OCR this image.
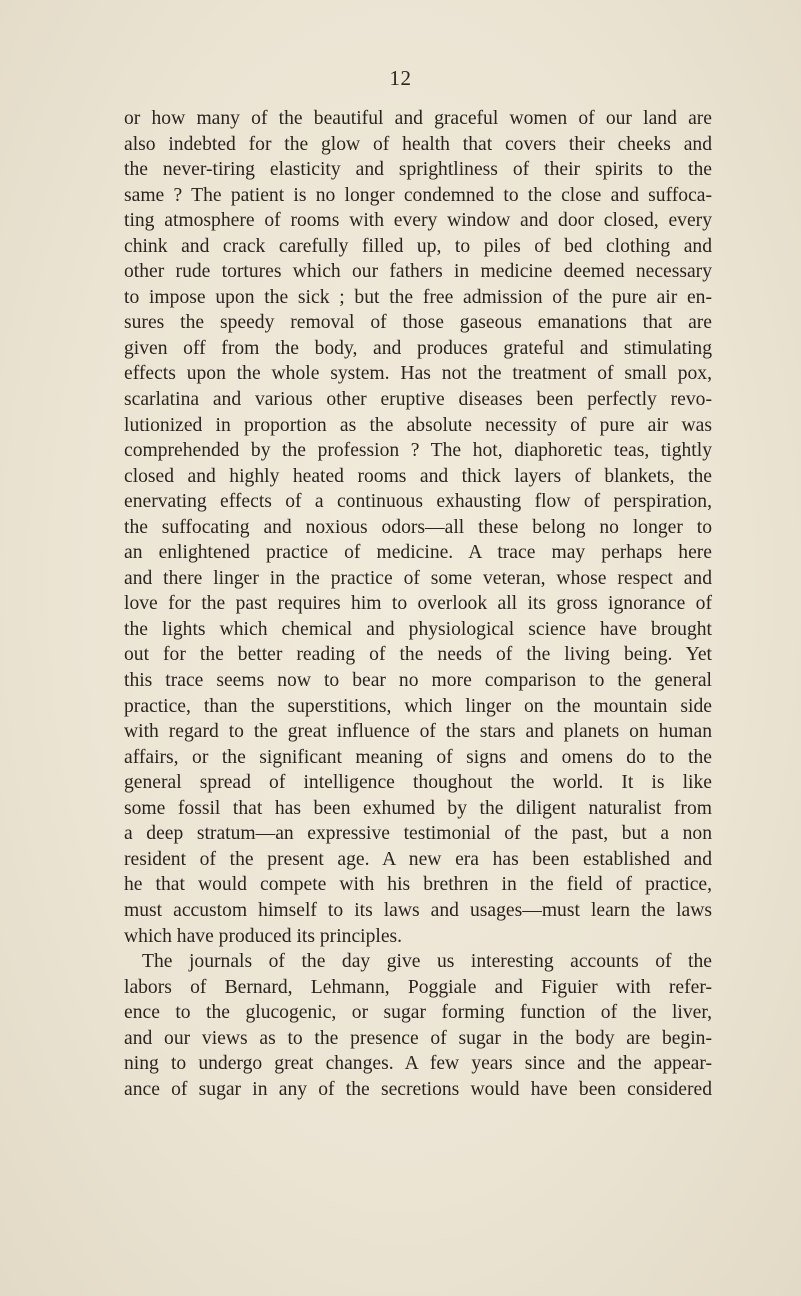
12
or how many of the beautiful and graceful women of our land are
also indebted for the glow of health that covers their cheeks and
the never-tiring elasticity and sprightliness of their spirits to the
same ? The patient is no longer condemned to the close and suffoca-
ting atmosphere of rooms with every window and door closed, every
chink and crack carefully filled up, to piles of bed clothing and
other rude tortures which our fathers in medicine deemed necessary
to impose upon the sick ; but the free admission of the pure air en-
sures the speedy removal of those gaseous emanations that are
given off from the body, and produces grateful and stimulating
effects upon the whole system. Has not the treatment of small pox,
scarlatina and various other eruptive diseases been perfectly revo-
lutionized in proportion as the absolute necessity of pure air was
comprehended by the profession ? The hot, diaphoretic teas, tightly
closed and highly heated rooms and thick layers of blankets, the
enervating effects of a continuous exhausting flow of perspiration,
the suffocating and noxious odors—all these belong no longer to
an enlightened practice of medicine. A trace may perhaps here
and there linger in the practice of some veteran, whose respect and
love for the past requires him to overlook all its gross ignorance of
the lights which chemical and physiological science have brought
out for the better reading of the needs of the living being. Yet
this trace seems now to bear no more comparison to the general
practice, than the superstitions, which linger on the mountain side
with regard to the great influence of the stars and planets on human
affairs, or the significant meaning of signs and omens do to the
general spread of intelligence thoughout the world. It is like
some fossil that has been exhumed by the diligent naturalist from
a deep stratum—an expressive testimonial of the past, but a non
resident of the present age. A new era has been established and
he that would compete with his brethren in the field of practice,
must accustom himself to its laws and usages—must learn the laws
which have produced its principles.
The journals of the day give us interesting accounts of the
labors of Bernard, Lehmann, Poggiale and Figuier with refer-
ence to the glucogenic, or sugar forming function of the liver,
and our views as to the presence of sugar in the body are begin-
ning to undergo great changes. A few years since and the appear-
ance of sugar in any of the secretions would have been considered
